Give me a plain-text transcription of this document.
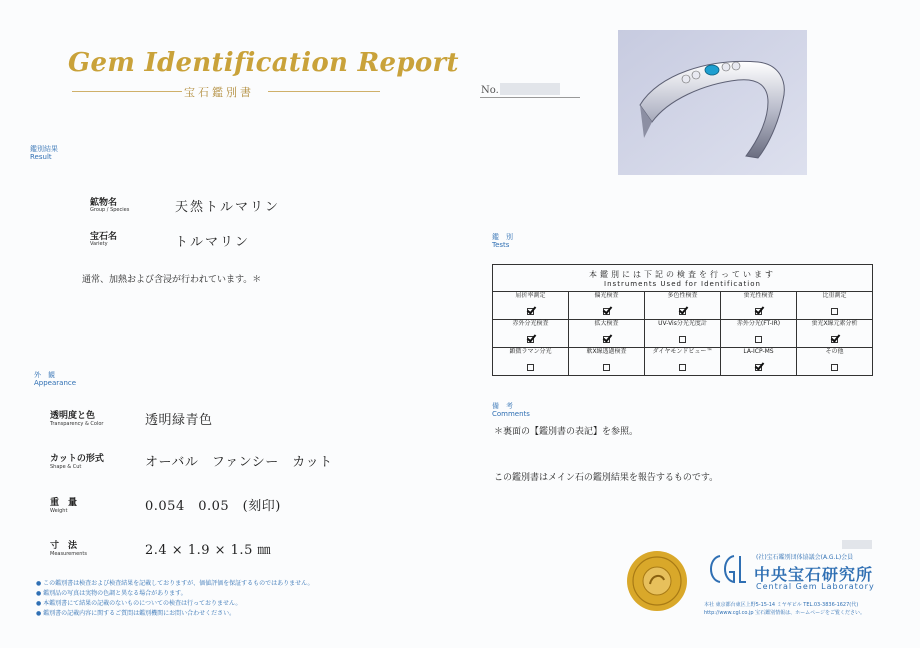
Gem Identification Report
宝石鑑別書
鑑別結果
Result
鉱物名
Group / Species	天然トルマリン
宝石名
Variety	トルマリン
通常、加熱および含浸が行われています。＊
外　観
Appearance
透明度と色
Transparency & Color	透明緑青色
カットの形式
Shape & Cut	オーバル　ファンシー　カット
重　量
Weight	0.054　0.05　(刻印)
寸　法
Measurements	2.4 × 1.9 × 1.5 ㎜
● この鑑別書は検査および検査結果を記載しておりますが、価値評価を保証するものではありません。
● 鑑別品の写真は実物の色調と異なる場合があります。
● 本鑑別書にて結果の記載のないものについての検査は行っておりません。
● 鑑別書の記載内容に関するご質問は鑑別機関にお問い合わせください。
No.
鑑　別
Tests
本鑑別には下記の検査を行っています
Instruments Used for Identification				

屈折率測定	偏光検査	多色性検査	蛍光性検査	比重測定

赤外分光検査	拡大検査	UV-Vis分光光度計	赤外分光(FT-IR)	蛍光X線元素分析

顕微ラマン分光	軟X線透過検査	ダイヤモンドビュー™	LA-ICP-MS	その他
備　考
Comments
＊裏面の【鑑別書の表記】を参照。
この鑑別書はメイン石の鑑別結果を報告するものです。
(社)宝石鑑別団体協議会(A.G.L)会員
中央宝石研究所
Central Gem Laboratory
本社 東京都台東区上野5-15-14 ミヤギビル TEL.03-3836-1627(代)
http://www.cgl.co.jp 宝石鑑別情報は、ホームページをご覧ください。
